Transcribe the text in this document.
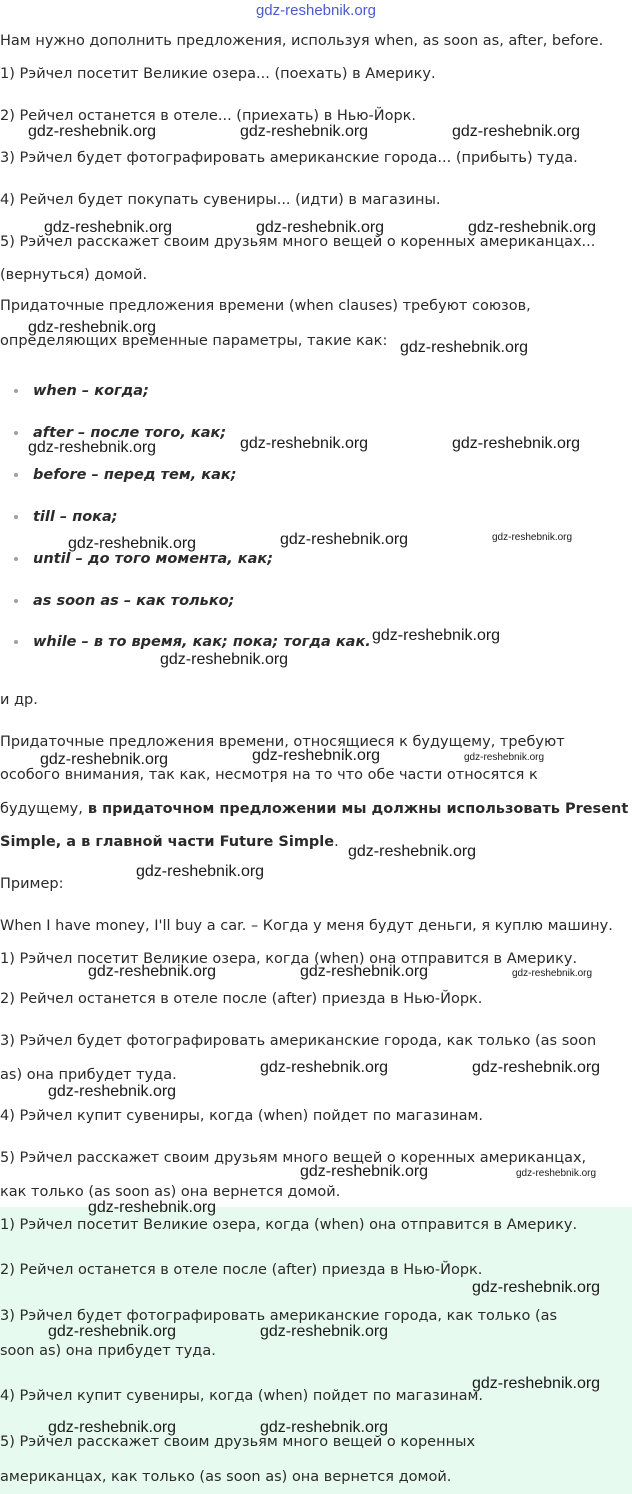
gdz-reshebnik.org
Нам нужно дополнить предложения, используя when, as soon as, after, before.
1) Рэйчел посетит Великие озера... (поехать) в Америку.
2) Рейчел останется в отеле... (приехать) в Нью-Йорк.
3) Рэйчел будет фотографировать американские города... (прибыть) туда.
4) Рейчел будет покупать сувениры... (идти) в магазины.
5) Рэйчел расскажет своим друзьям много вещей о коренных американцах...
(вернуться) домой.
Придаточные предложения времени (when clauses) требуют союзов,
определяющих временные параметры, такие как:
when – когда;
after – после того, как;
before – перед тем, как;
till – пока;
until – до того момента, как;
as soon as – как только;
while – в то время, как; пока; тогда как.
и др.
Придаточные предложения времени, относящиеся к будущему, требуют
особого внимания, так как, несмотря на то что обе части относятся к
будущему, в придаточном предложении мы должны использовать Present
Simple, а в главной части Future Simple.
Пример:
When I have money, I'll buy a car. – Когда у меня будут деньги, я куплю машину.
1) Рэйчел посетит Великие озера, когда (when) она отправится в Америку.
2) Рейчел останется в отеле после (after) приезда в Нью-Йорк.
3) Рэйчел будет фотографировать американские города, как только (as soon
as) она прибудет туда.
4) Рэйчел купит сувениры, когда (when) пойдет по магазинам.
5) Рэйчел расскажет своим друзьям много вещей о коренных американцах,
как только (as soon as) она вернется домой.
1) Рэйчел посетит Великие озера, когда (when) она отправится в Америку.
2) Рейчел останется в отеле после (after) приезда в Нью-Йорк.
3) Рэйчел будет фотографировать американские города, как только (as
soon as) она прибудет туда.
4) Рэйчел купит сувениры, когда (when) пойдет по магазинам.
5) Рэйчел расскажет своим друзьям много вещей о коренных
американцах, как только (as soon as) она вернется домой.
gdz-reshebnik.org	gdz-reshebnik.org	gdz-reshebnik.org
gdz-reshebnik.org	gdz-reshebnik.org	gdz-reshebnik.org
gdz-reshebnik.org
gdz-reshebnik.org
gdz-reshebnik.org	gdz-reshebnik.org	gdz-reshebnik.org
gdz-reshebnik.org	gdz-reshebnik.org	gdz-reshebnik.org
gdz-reshebnik.org
gdz-reshebnik.org
gdz-reshebnik.org	gdz-reshebnik.org	gdz-reshebnik.org
gdz-reshebnik.org
gdz-reshebnik.org
gdz-reshebnik.org	gdz-reshebnik.org	gdz-reshebnik.org
gdz-reshebnik.org	gdz-reshebnik.org
gdz-reshebnik.org
gdz-reshebnik.org	gdz-reshebnik.org
gdz-reshebnik.org
gdz-reshebnik.org
gdz-reshebnik.org	gdz-reshebnik.org
gdz-reshebnik.org
gdz-reshebnik.org	gdz-reshebnik.org
